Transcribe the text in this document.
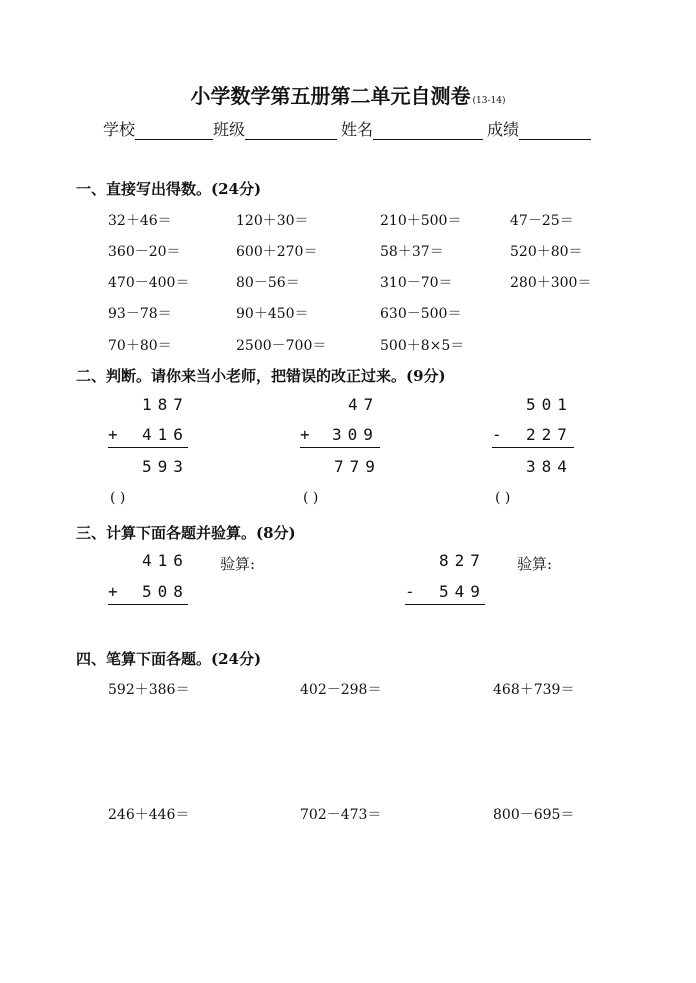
小学数学第五册第二单元自测卷 (13-14)
学校	班级	姓名	成绩
一、直接写出得数。(24分)
32＋46＝	120＋30＝	210＋500＝	47－25＝
360－20＝	600＋270＝	58＋37＝	520＋80＝
470－400＝	80－56＝	310－70＝	280＋300＝
93－78＝	90＋450＝	630－500＝
70＋80＝	2500－700＝	500＋8×5＝
二、判断。请你来当小老师，把错误的改正过来。(9分)
187
+ 416
593
( )
47
+ 309
779
( )
501
- 227
384
( )
三、计算下面各题并验算。(8分)
416 验算:
+ 508
827 验算:
- 549
四、笔算下面各题。(24分)
592＋386＝	402－298＝	468＋739＝
246＋446＝	702－473＝	800－695＝
